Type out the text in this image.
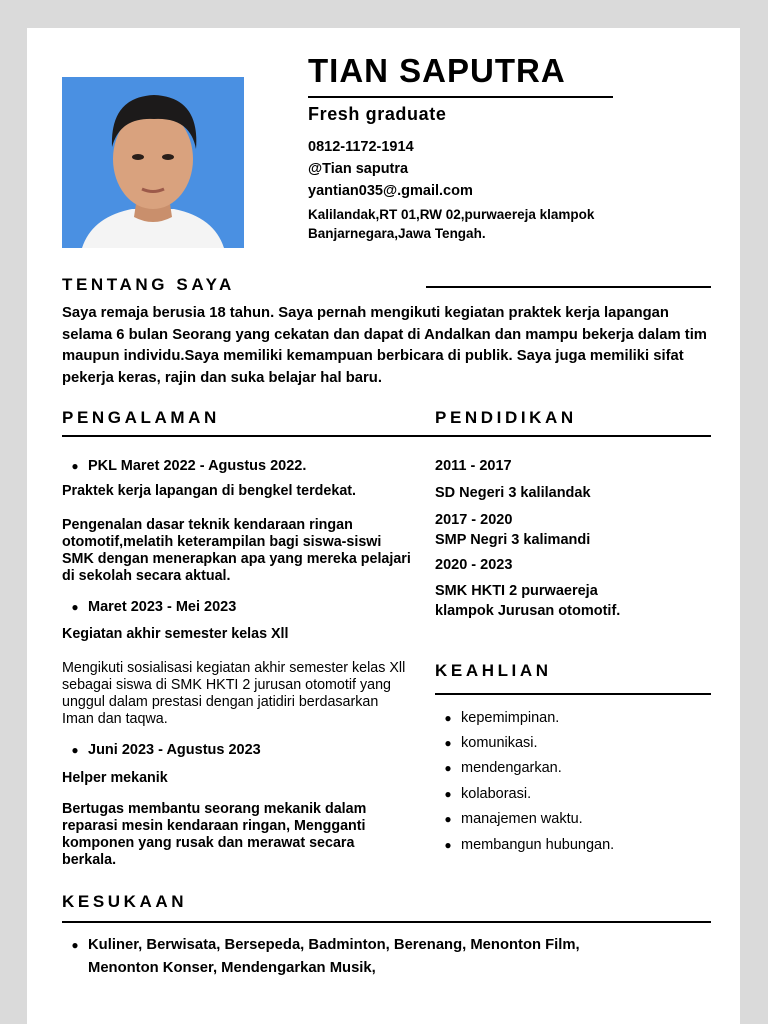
TIAN SAPUTRA
Fresh graduate
0812-1172-1914
@Tian saputra
yantian035@.gmail.com
Kalilandak,RT 01,RW 02,purwaereja klampok
Banjarnegara,Jawa Tengah.
TENTANG SAYA
Saya remaja berusia 18 tahun. Saya pernah mengikuti kegiatan praktek kerja lapangan selama 6 bulan Seorang yang cekatan dan dapat di Andalkan dan mampu bekerja dalam tim maupun individu.Saya memiliki kemampuan berbicara di publik. Saya juga memiliki sifat pekerja keras, rajin dan suka belajar hal baru.
PENGALAMAN	PENDIDIKAN
● PKL Maret 2022 - Agustus 2022.
Praktek kerja lapangan di bengkel terdekat.
Pengenalan dasar teknik kendaraan ringan otomotif,melatih keterampilan bagi siswa-siswi SMK dengan menerapkan apa yang mereka pelajari di sekolah secara aktual.
● Maret 2023 - Mei 2023
Kegiatan akhir semester kelas Xll
Mengikuti sosialisasi kegiatan akhir semester kelas Xll sebagai siswa di SMK HKTI 2 jurusan otomotif yang unggul dalam prestasi dengan jatidiri berdasarkan Iman dan taqwa.
● Juni 2023 - Agustus 2023
Helper mekanik
Bertugas membantu seorang mekanik dalam reparasi mesin kendaraan ringan, Mengganti komponen yang rusak dan merawat secara berkala.
2011 - 2017
SD Negeri 3 kalilandak
2017 - 2020
SMP Negri 3 kalimandi
2020 - 2023
SMK HKTI 2 purwaereja
klampok Jurusan otomotif.
KEAHLIAN
● kepemimpinan.
● komunikasi.
● mendengarkan.
● kolaborasi.
● manajemen waktu.
● membangun hubungan.
KESUKAAN
● Kuliner, Berwisata, Bersepeda, Badminton, Berenang, Menonton Film,
Menonton Konser, Mendengarkan Musik,
